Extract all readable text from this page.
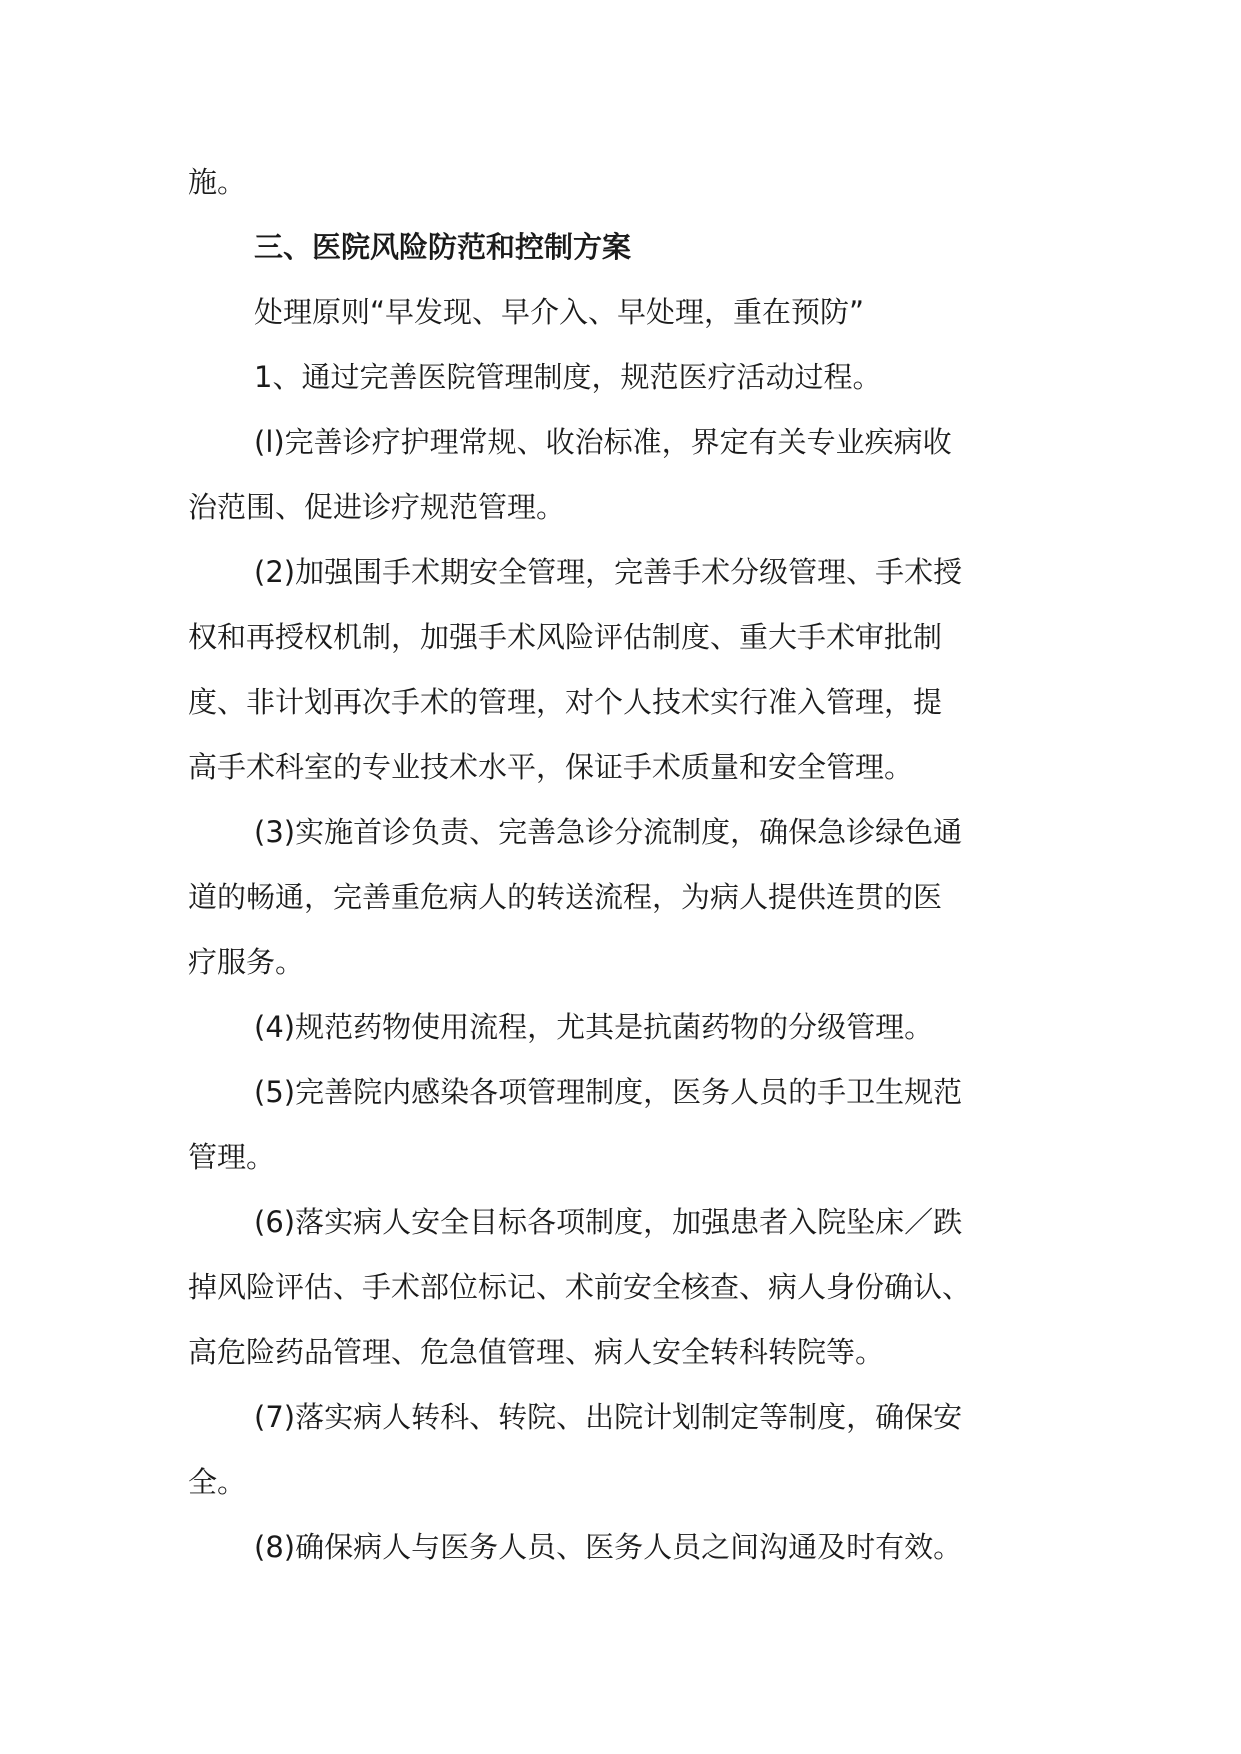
施。
三、医院风险防范和控制方案
处理原则“早发现、早介入、早处理，重在预防”
1、通过完善医院管理制度，规范医疗活动过程。
(l)完善诊疗护理常规、收治标准，界定有关专业疾病收
治范围、促进诊疗规范管理。
(2)加强围手术期安全管理，完善手术分级管理、手术授
权和再授权机制，加强手术风险评估制度、重大手术审批制
度、非计划再次手术的管理，对个人技术实行准入管理，提
高手术科室的专业技术水平，保证手术质量和安全管理。
(3)实施首诊负责、完善急诊分流制度，确保急诊绿色通
道的畅通，完善重危病人的转送流程，为病人提供连贯的医
疗服务。
(4)规范药物使用流程，尤其是抗菌药物的分级管理。
(5)完善院内感染各项管理制度，医务人员的手卫生规范
管理。
(6)落实病人安全目标各项制度，加强患者入院坠床／跌
掉风险评估、手术部位标记、术前安全核查、病人身份确认、
高危险药品管理、危急值管理、病人安全转科转院等。
(7)落实病人转科、转院、出院计划制定等制度，确保安
全。
(8)确保病人与医务人员、医务人员之间沟通及时有效。
